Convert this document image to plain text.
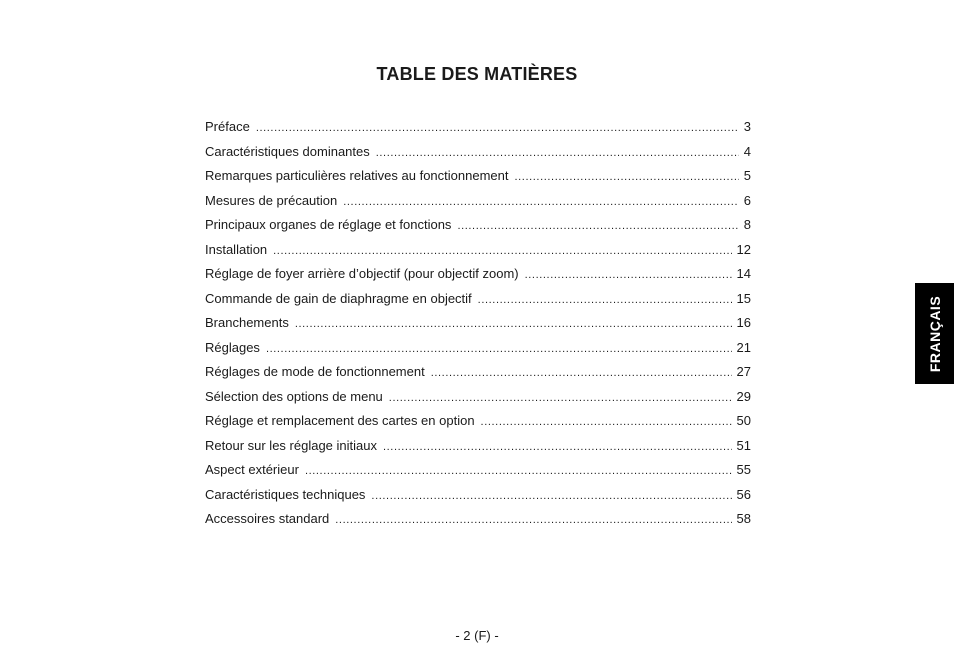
TABLE DES MATIÈRES
Préface .....	3
Caractéristiques dominantes .....	4
Remarques particulières relatives au fonctionnement .....	5
Mesures de précaution .....	6
Principaux organes de réglage et fonctions .....	8
Installation .....	12
Réglage de foyer arrière d’objectif (pour objectif zoom) .....	14
Commande de gain de diaphragme en objectif .....	15
Branchements .....	16
Réglages .....	21
Réglages de mode de fonctionnement .....	27
Sélection des options de menu .....	29
Réglage et remplacement des cartes en option .....	50
Retour sur les réglage initiaux .....	51
Aspect extérieur .....	55
Caractéristiques techniques .....	56
Accessoires standard .....	58
FRANÇAIS
- 2 (F) -
